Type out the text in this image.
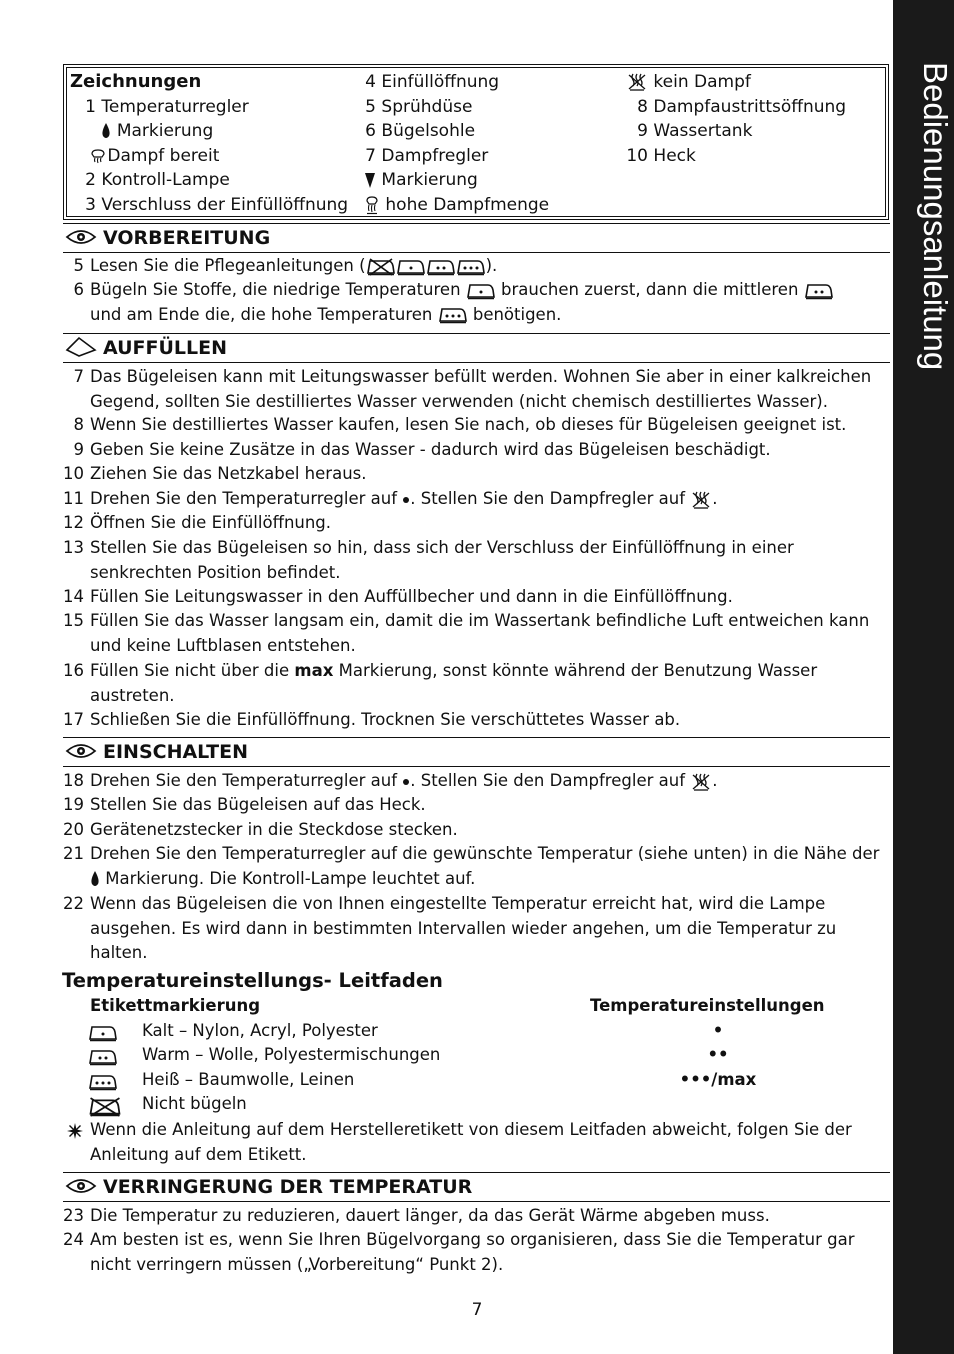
Bedienungsanleitung
Zeichnungen
1 Temperaturregler
Markierung
Dampf bereit
2 Kontroll-Lampe
3 Verschluss der Einfüllöffnung
4 Einfüllöffnung
5 Sprühdüse
6 Bügelsohle
7 Dampfregler
Markierung
hohe Dampfmenge
kein Dampf
8 Dampfaustrittsöffnung
9 Wassertank
10 Heck
VORBEREITUNG
5 Lesen Sie die Pflegeanleitungen (	).
6 Bügeln Sie Stoffe, die niedrige Temperaturen  brauchen zuerst, dann die mittleren
und am Ende die, die hohe Temperaturen  benötigen.
AUFFÜLLEN
7 Das Bügeleisen kann mit Leitungswasser befüllt werden. Wohnen Sie aber in einer kalkreichen Gegend, sollten Sie destilliertes Wasser verwenden (nicht chemisch destilliertes Wasser).
8 Wenn Sie destilliertes Wasser kaufen, lesen Sie nach, ob dieses für Bügeleisen geeignet ist.
9 Geben Sie keine Zusätze in das Wasser - dadurch wird das Bügeleisen beschädigt.
10 Ziehen Sie das Netzkabel heraus.
11 Drehen Sie den Temperaturregler auf . Stellen Sie den Dampfregler auf .
12 Öffnen Sie die Einfüllöffnung.
13 Stellen Sie das Bügeleisen so hin, dass sich der Verschluss der Einfüllöffnung in einer senkrechten Position befindet.
14 Füllen Sie Leitungswasser in den Auffüllbecher und dann in die Einfüllöffnung.
15 Füllen Sie das Wasser langsam ein, damit die im Wassertank befindliche Luft entweichen kann und keine Luftblasen entstehen.
16 Füllen Sie nicht über die max Markierung, sonst könnte während der Benutzung Wasser austreten.
17 Schließen Sie die Einfüllöffnung. Trocknen Sie verschüttetes Wasser ab.
EINSCHALTEN
18 Drehen Sie den Temperaturregler auf . Stellen Sie den Dampfregler auf .
19 Stellen Sie das Bügeleisen auf das Heck.
20 Gerätenetzstecker in die Steckdose stecken.
21 Drehen Sie den Temperaturregler auf die gewünschte Temperatur (siehe unten) in die Nähe der  Markierung. Die Kontroll-Lampe leuchtet auf.
22 Wenn das Bügeleisen die von Ihnen eingestellte Temperatur erreicht hat, wird die Lampe ausgehen. Es wird dann in bestimmten Intervallen wieder angehen, um die Temperatur zu halten.
Temperatureinstellungs- Leitfaden
Etikettmarkierung	Temperatureinstellungen
Kalt – Nylon, Acryl, Polyester	•
Warm – Wolle, Polyestermischungen	••
Heiß – Baumwolle, Leinen	•••/max
Nicht bügeln
Wenn die Anleitung auf dem Herstelleretikett von diesem Leitfaden abweicht, folgen Sie der Anleitung auf dem Etikett.
VERRINGERUNG DER TEMPERATUR
23 Die Temperatur zu reduzieren, dauert länger, da das Gerät Wärme abgeben muss.
24 Am besten ist es, wenn Sie Ihren Bügelvorgang so organisieren, dass Sie die Temperatur gar nicht verringern müssen („Vorbereitung“ Punkt 2).
7
